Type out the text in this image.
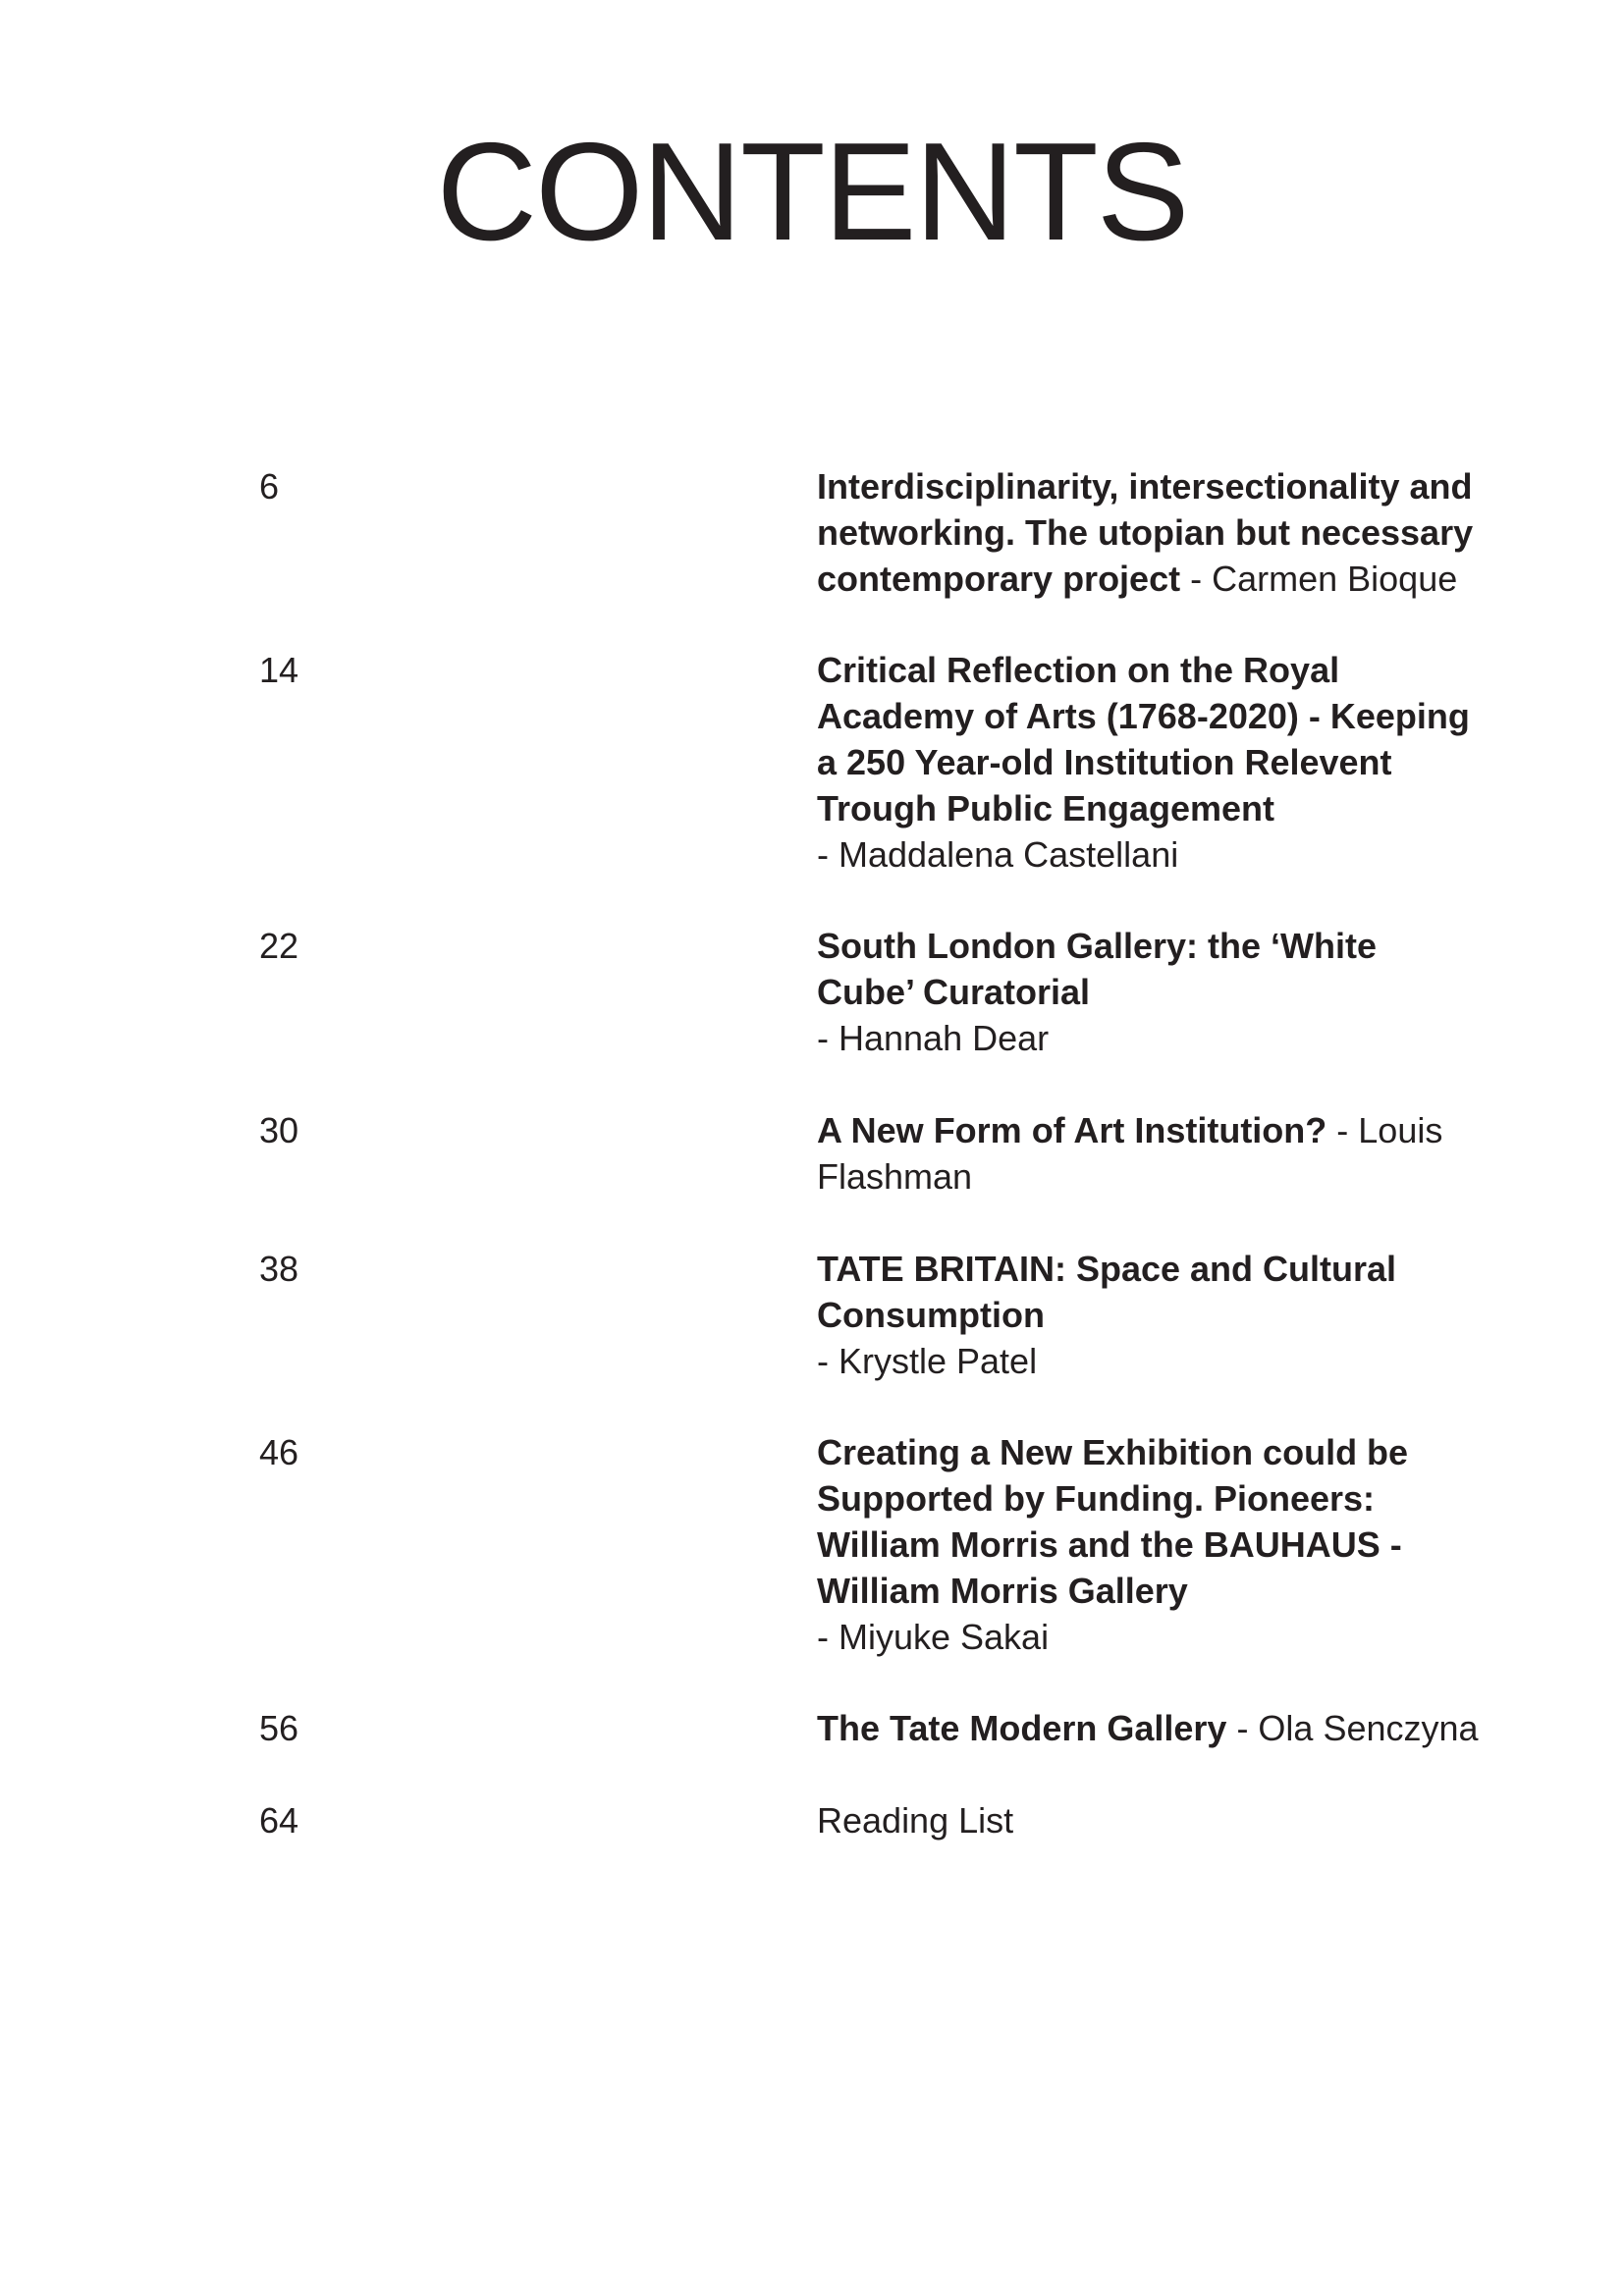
CONTENTS
6	Interdisciplinarity, intersectionality and
networking. The utopian but necessary
contemporary project - Carmen Bioque
14	Critical Reflection on the Royal
Academy of Arts (1768-2020) - Keeping
a 250 Year-old Institution Relevent
Trough Public Engagement
- Maddalena Castellani
22	South London Gallery: the ‘White
Cube’ Curatorial
- Hannah Dear
30	A New Form of Art Institution? - Louis
Flashman
38	TATE BRITAIN: Space and Cultural
Consumption
- Krystle Patel
46	Creating a New Exhibition could be
Supported by Funding. Pioneers:
William Morris and the BAUHAUS -
William Morris Gallery
- Miyuke Sakai
56	The Tate Modern Gallery - Ola Senczyna
64	Reading List
